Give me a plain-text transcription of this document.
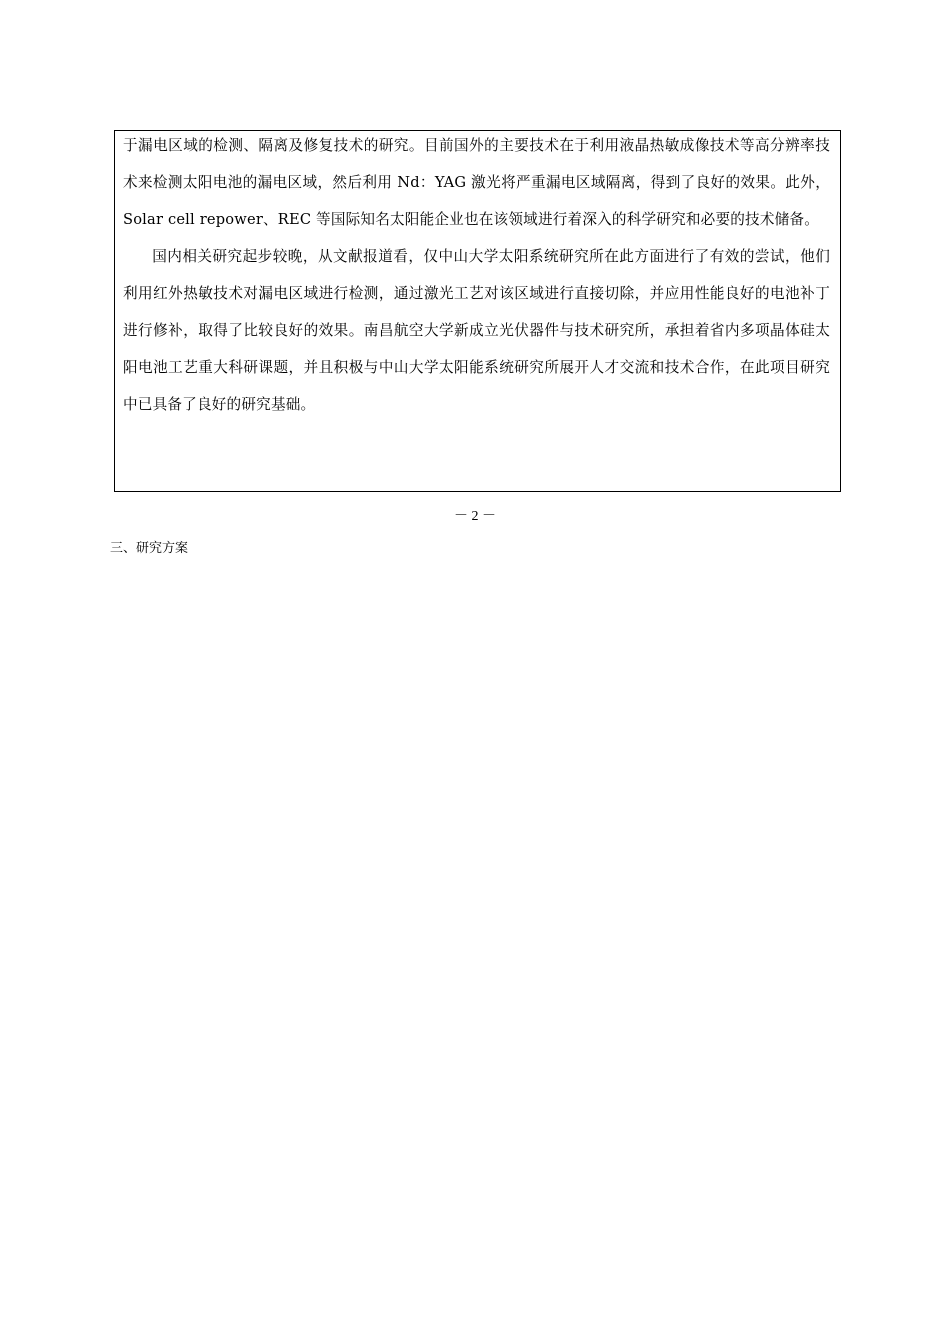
于漏电区域的检测、隔离及修复技术的研究。目前国外的主要技术在于利用液晶热敏成像技术等高分辨率技术来检测太阳电池的漏电区域，然后利用 Nd：YAG 激光将严重漏电区域隔离，得到了良好的效果。此外，Solar cell repower、REC 等国际知名太阳能企业也在该领域进行着深入的科学研究和必要的技术储备。

国内相关研究起步较晚，从文献报道看，仅中山大学太阳系统研究所在此方面进行了有效的尝试，他们利用红外热敏技术对漏电区域进行检测，通过激光工艺对该区域进行直接切除，并应用性能良好的电池补丁进行修补，取得了比较良好的效果。南昌航空大学新成立光伏器件与技术研究所，承担着省内多项晶体硅太阳电池工艺重大科研课题，并且积极与中山大学太阳能系统研究所展开人才交流和技术合作，在此项目研究中已具备了良好的研究基础。

－ 2 －
三、研究方案
